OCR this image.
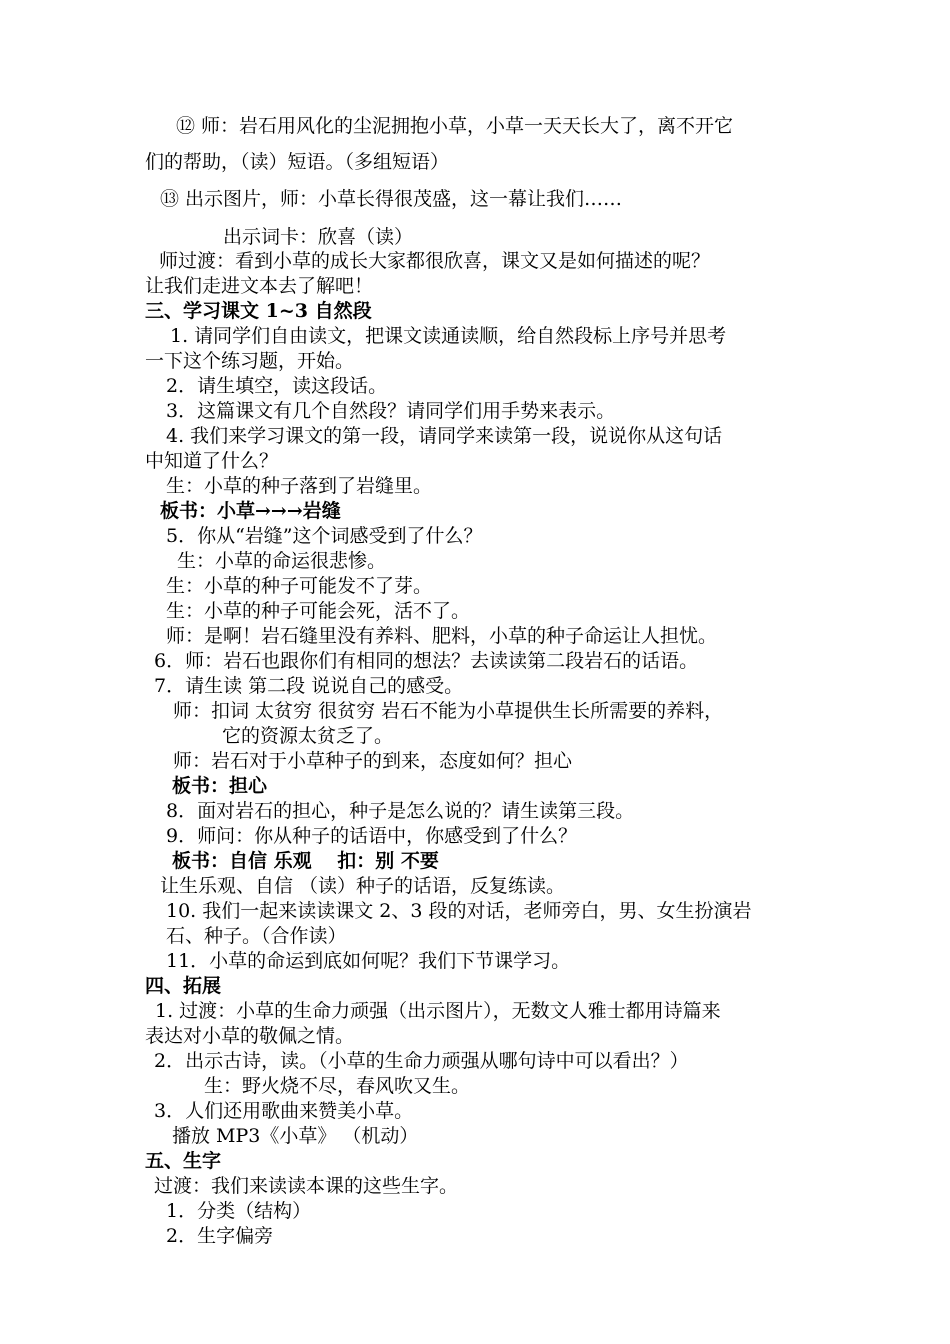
⑫ 师：岩石用风化的尘泥拥抱小草，小草一天天长大了，离不开它
们的帮助，（读）短语。（多组短语）
⑬ 出示图片，师：小草长得很茂盛，这一幕让我们……
出示词卡：欣喜（读）
师过渡：看到小草的成长大家都很欣喜，课文又是如何描述的呢？
让我们走进文本去了解吧！
三、学习课文 1~3 自然段
1. 请同学们自由读文，把课文读通读顺，给自然段标上序号并思考
一下这个练习题，开始。
2．请生填空，读这段话。
3．这篇课文有几个自然段？请同学们用手势来表示。
4. 我们来学习课文的第一段，请同学来读第一段，说说你从这句话
中知道了什么？
生：小草的种子落到了岩缝里。
板书：小草→→→岩缝
5．你从“岩缝”这个词感受到了什么？
生：小草的命运很悲惨。
生：小草的种子可能发不了芽。
生：小草的种子可能会死，活不了。
师：是啊！岩石缝里没有养料、肥料，小草的种子命运让人担忧。
6．师：岩石也跟你们有相同的想法？去读读第二段岩石的话语。
7．请生读 第二段 说说自己的感受。
师：扣词 太贫穷 很贫穷 岩石不能为小草提供生长所需要的养料，
它的资源太贫乏了。
师：岩石对于小草种子的到来，态度如何？担心
板书：担心
8．面对岩石的担心，种子是怎么说的？请生读第三段。
9．师问：你从种子的话语中，你感受到了什么？
板书：自信 乐观　 扣：别 不要
让生乐观、自信 （读）种子的话语，反复练读。
10. 我们一起来读读课文 2、3 段的对话，老师旁白，男、女生扮演岩
石、种子。（合作读）
11．小草的命运到底如何呢？我们下节课学习。
四、拓展
1. 过渡：小草的生命力顽强（出示图片），无数文人雅士都用诗篇来
表达对小草的敬佩之情。
2．出示古诗，读。（小草的生命力顽强从哪句诗中可以看出？）
生：野火烧不尽，春风吹又生。
3．人们还用歌曲来赞美小草。
播放 MP3《小草》 （机动）
五、生字
过渡：我们来读读本课的这些生字。
1．分类（结构）
2．生字偏旁
